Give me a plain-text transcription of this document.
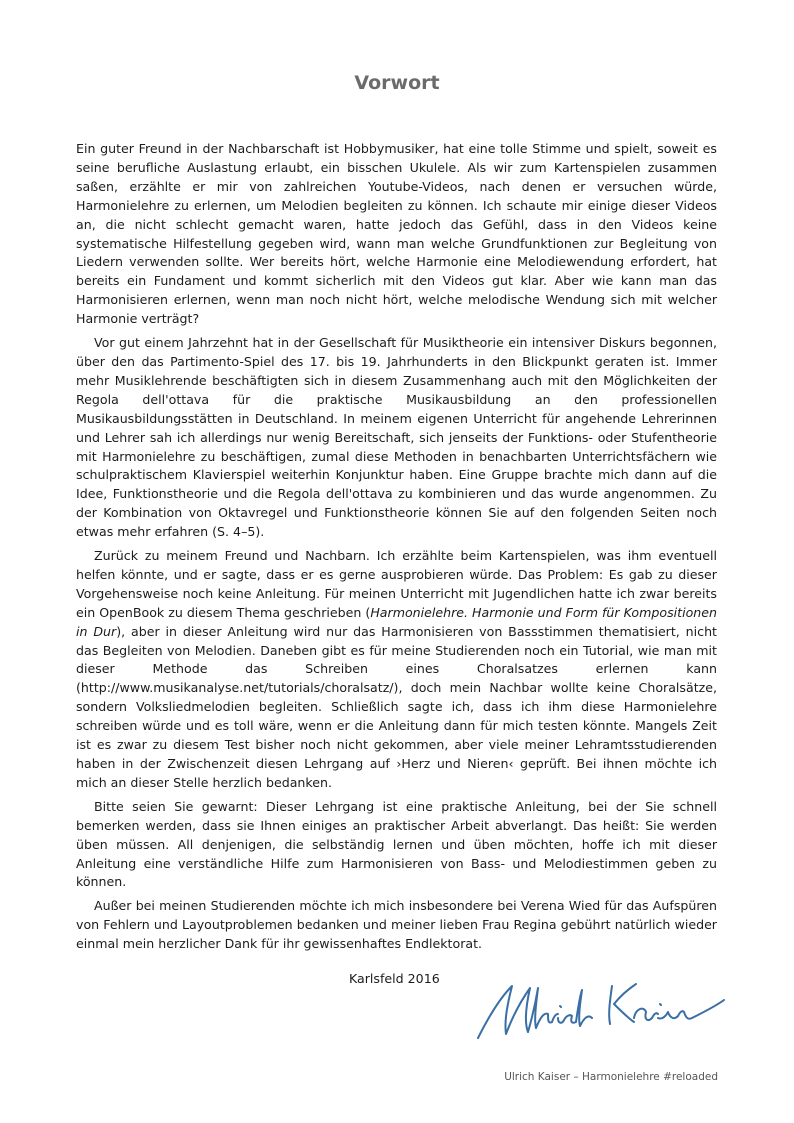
Vorwort

Ein guter Freund in der Nachbarschaft ist Hobbymusiker, hat eine tolle Stimme und spielt, soweit es seine berufliche Auslastung erlaubt, ein bisschen Ukulele. Als wir zum Kartenspielen zusammen saßen, erzählte er mir von zahlreichen Youtube-Videos, nach denen er versuchen würde, Harmonielehre zu erlernen, um Melodien begleiten zu können. Ich schaute mir einige dieser Videos an, die nicht schlecht gemacht waren, hatte jedoch das Gefühl, dass in den Videos keine systematische Hilfestellung gegeben wird, wann man welche Grundfunktionen zur Begleitung von Liedern verwenden sollte. Wer bereits hört, welche Harmonie eine Melodiewendung erfordert, hat bereits ein Fundament und kommt sicherlich mit den Videos gut klar. Aber wie kann man das Harmonisieren erlernen, wenn man noch nicht hört, welche melodische Wendung sich mit welcher Harmonie verträgt?

Vor gut einem Jahrzehnt hat in der Gesellschaft für Musiktheorie ein intensiver Diskurs begonnen, über den das Partimento-Spiel des 17. bis 19. Jahrhunderts in den Blickpunkt geraten ist. Immer mehr Musiklehrende beschäftigten sich in diesem Zusammenhang auch mit den Möglichkeiten der Regola dell'ottava für die praktische Musikausbildung an den professionellen Musikausbildungsstätten in Deutschland. In meinem eigenen Unterricht für angehende Lehrerinnen und Lehrer sah ich allerdings nur wenig Bereitschaft, sich jenseits der Funktions- oder Stufentheorie mit Harmonielehre zu beschäftigen, zumal diese Methoden in benachbarten Unterrichtsfächern wie schulpraktischem Klavierspiel weiterhin Konjunktur haben. Eine Gruppe brachte mich dann auf die Idee, Funktionstheorie und die Regola dell'ottava zu kombinieren und das wurde angenommen. Zu der Kombination von Oktavregel und Funktionstheorie können Sie auf den folgenden Seiten noch etwas mehr erfahren (S. 4–5).

Zurück zu meinem Freund und Nachbarn. Ich erzählte beim Kartenspielen, was ihm eventuell helfen könnte, und er sagte, dass er es gerne ausprobieren würde. Das Problem: Es gab zu dieser Vorgehensweise noch keine Anleitung. Für meinen Unterricht mit Jugendlichen hatte ich zwar bereits ein OpenBook zu diesem Thema geschrieben (Harmonielehre. Harmonie und Form für Kompositionen in Dur), aber in dieser Anleitung wird nur das Harmonisieren von Bassstimmen thematisiert, nicht das Begleiten von Melodien. Daneben gibt es für meine Studierenden noch ein Tutorial, wie man mit dieser Methode das Schreiben eines Choralsatzes erlernen kann (http://www.musikanalyse.net/tutorials/choralsatz/), doch mein Nachbar wollte keine Choralsätze, sondern Volksliedmelodien begleiten. Schließlich sagte ich, dass ich ihm diese Harmonielehre schreiben würde und es toll wäre, wenn er die Anleitung dann für mich testen könnte. Mangels Zeit ist es zwar zu diesem Test bisher noch nicht gekommen, aber viele meiner Lehramtsstudierenden haben in der Zwischenzeit diesen Lehrgang auf ›Herz und Nieren‹ geprüft. Bei ihnen möchte ich mich an dieser Stelle herzlich bedanken.

Bitte seien Sie gewarnt: Dieser Lehrgang ist eine praktische Anleitung, bei der Sie schnell bemerken werden, dass sie Ihnen einiges an praktischer Arbeit abverlangt. Das heißt: Sie werden üben müssen. All denjenigen, die selbständig lernen und üben möchten, hoffe ich mit dieser Anleitung eine verständliche Hilfe zum Harmonisieren von Bass- und Melodiestimmen geben zu können.

Außer bei meinen Studierenden möchte ich mich insbesondere bei Verena Wied für das Aufspüren von Fehlern und Layoutproblemen bedanken und meiner lieben Frau Regina gebührt natürlich wieder einmal mein herzlicher Dank für ihr gewissenhaftes Endlektorat.

Karlsfeld 2016
Ulrich Kaiser – Harmonielehre #reloaded
